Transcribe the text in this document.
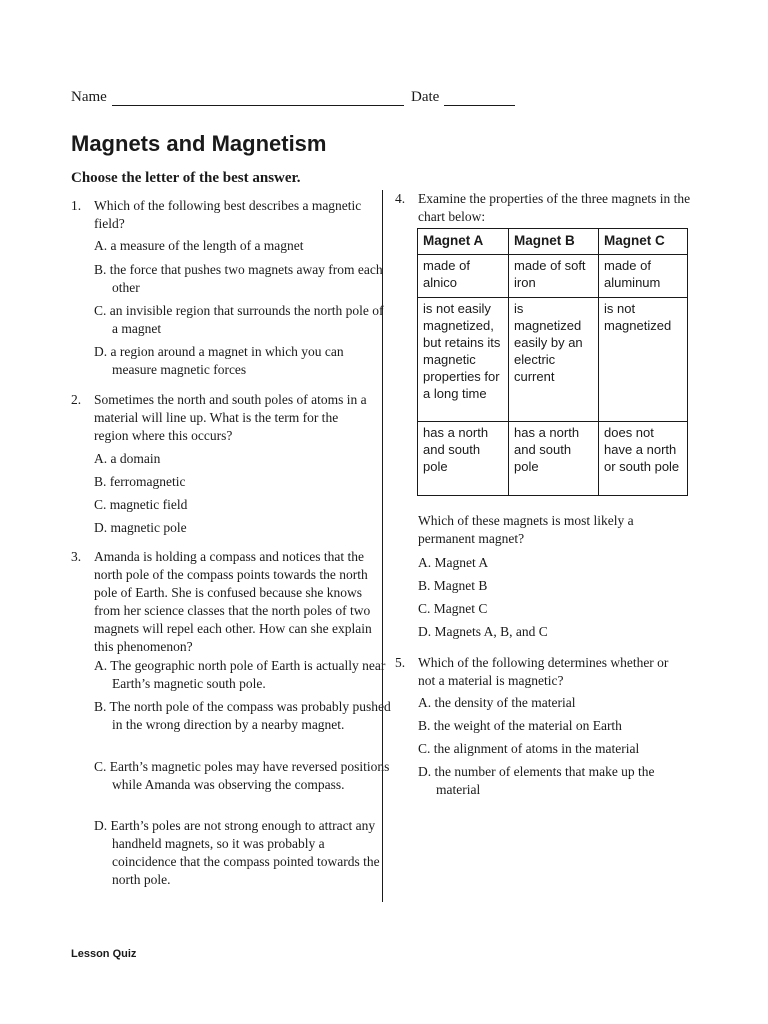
Name	Date
Magnets and Magnetism
Choose the letter of the best answer.
1. Which of the following best describes a magnetic field?
A. a measure of the length of a magnet
B. the force that pushes two magnets away from each other
C. an invisible region that surrounds the north pole of a magnet
D. a region around a magnet in which you can measure magnetic forces
2. Sometimes the north and south poles of atoms in a material will line up. What is the term for the region where this occurs?
A. a domain
B. ferromagnetic
C. magnetic field
D. magnetic pole
3. Amanda is holding a compass and notices that the north pole of the compass points towards the north pole of Earth. She is confused because she knows from her science classes that the north poles of two magnets will repel each other. How can she explain this phenomenon?
A. The geographic north pole of Earth is actually near Earth’s magnetic south pole.
B. The north pole of the compass was probably pushed in the wrong direction by a nearby magnet.
C. Earth’s magnetic poles may have reversed positions while Amanda was observing the compass.
D. Earth’s poles are not strong enough to attract any handheld magnets, so it was probably a coincidence that the compass pointed towards the north pole.
4. Examine the properties of the three magnets in the chart below:
Which of these magnets is most likely a permanent magnet?
A. Magnet A
B. Magnet B
C. Magnet C
D. Magnets A, B, and C
Magnet A	Magnet B	Magnet C
made of alnico	made of soft iron	made of aluminum
is not easily magnetized, but retains its magnetic properties for a long time	is magnetized easily by an electric current	is not magnetized
has a north and south pole	has a north and south pole	does not have a north or south pole
5. Which of the following determines whether or not a material is magnetic?
A. the density of the material
B. the weight of the material on Earth
C. the alignment of atoms in the material
D. the number of elements that make up the material
Lesson Quiz
